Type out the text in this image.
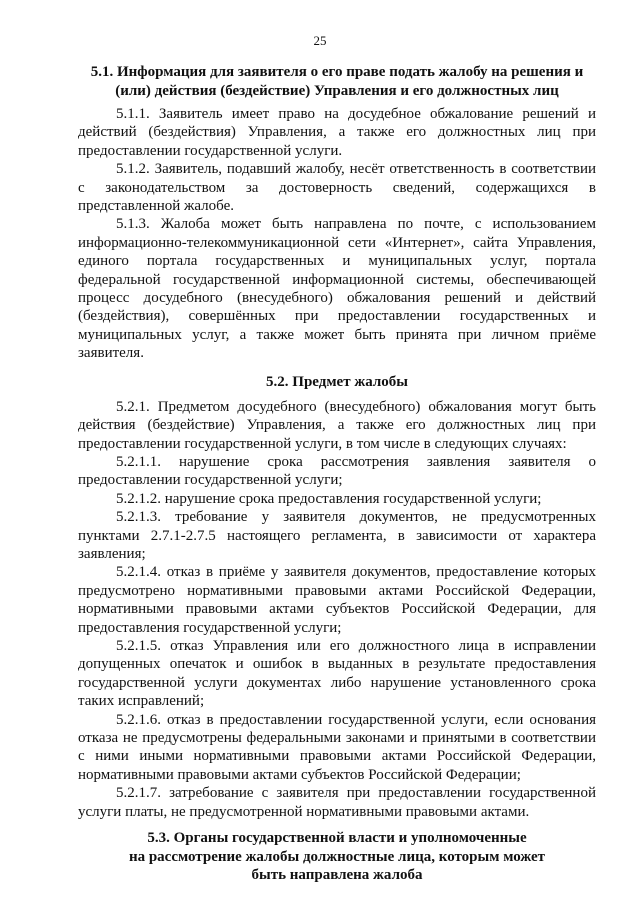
25

5.1. Информация для заявителя о его праве подать жалобу на решения и (или) действия (бездействие) Управления и его должностных лиц

5.1.1. Заявитель имеет право на досудебное обжалование решений и действий (бездействия) Управления, а также его должностных лиц при предоставлении государственной услуги.

5.1.2. Заявитель, подавший жалобу, несёт ответственность в соответствии с законодательством за достоверность сведений, содержащихся в представленной жалобе.

5.1.3. Жалоба может быть направлена по почте, с использованием информационно-телекоммуникационной сети «Интернет», сайта Управления, единого портала государственных и муниципальных услуг, портала федеральной государственной информационной системы, обеспечивающей процесс досудебного (внесудебного) обжалования решений и действий (бездействия), совершённых при предоставлении государственных и муниципальных услуг, а также может быть принята при личном приёме заявителя.

5.2. Предмет жалобы

5.2.1. Предметом досудебного (внесудебного) обжалования могут быть действия (бездействие) Управления, а также его должностных лиц при предоставлении государственной услуги, в том числе в следующих случаях:

5.2.1.1. нарушение срока рассмотрения заявления заявителя о предоставлении государственной услуги;

5.2.1.2. нарушение срока предоставления государственной услуги;

5.2.1.3. требование у заявителя документов, не предусмотренных пунктами 2.7.1-2.7.5 настоящего регламента, в зависимости от характера заявления;

5.2.1.4. отказ в приёме у заявителя документов, предоставление которых предусмотрено нормативными правовыми актами Российской Федерации, нормативными правовыми актами субъектов Российской Федерации, для предоставления государственной услуги;

5.2.1.5. отказ Управления или его должностного лица в исправлении допущенных опечаток и ошибок в выданных в результате предоставления государственной услуги документах либо нарушение установленного срока таких исправлений;

5.2.1.6. отказ в предоставлении государственной услуги, если основания отказа не предусмотрены федеральными законами и принятыми в соответствии с ними иными нормативными правовыми актами Российской Федерации, нормативными правовыми актами субъектов Российской Федерации;

5.2.1.7. затребование с заявителя при предоставлении государственной услуги платы, не предусмотренной нормативными правовыми актами.

5.3. Органы государственной власти и уполномоченные
на рассмотрение жалобы должностные лица, которым может
быть направлена жалоба
